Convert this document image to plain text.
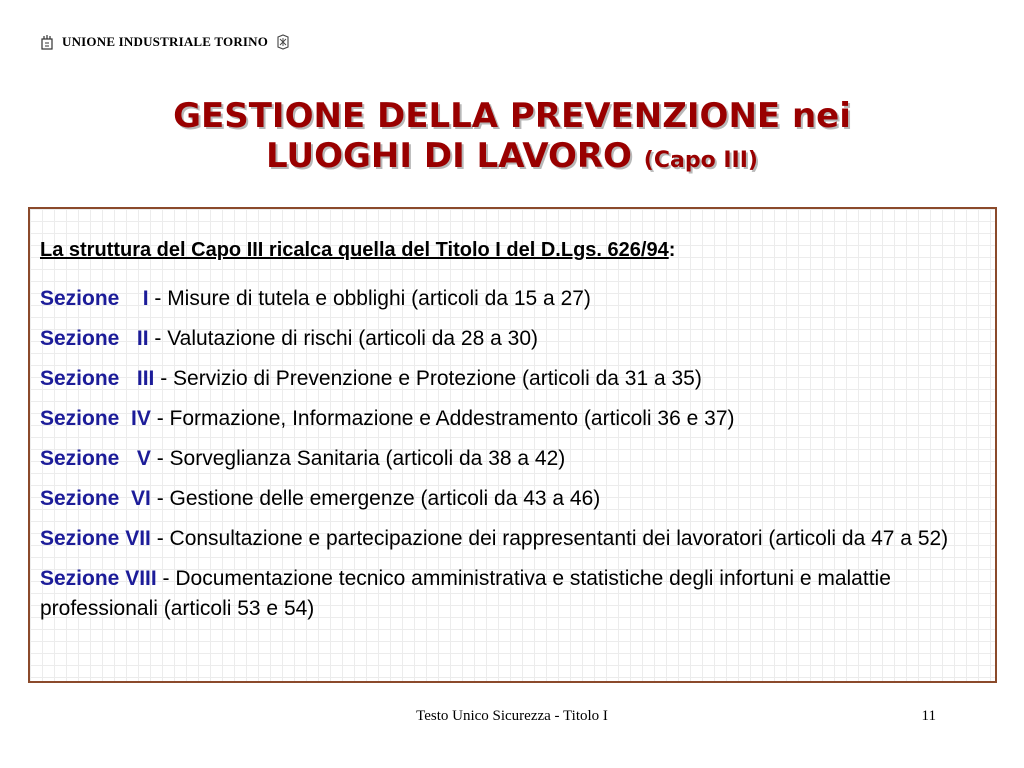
UNIONE INDUSTRIALE TORINO
GESTIONE DELLA PREVENZIONE nei
LUOGHI DI LAVORO (Capo III)
La struttura del Capo III ricalca quella del Titolo I del D.Lgs. 626/94:
Sezione    I - Misure di tutela e obblighi (articoli da 15 a 27)
Sezione   II - Valutazione di rischi (articoli da 28 a 30)
Sezione   III - Servizio di Prevenzione e Protezione (articoli da 31 a 35)
Sezione  IV - Formazione, Informazione e Addestramento (articoli 36 e 37)
Sezione   V - Sorveglianza Sanitaria (articoli da 38 a 42)
Sezione  VI - Gestione delle emergenze (articoli da 43 a 46)
Sezione VII - Consultazione e partecipazione dei rappresentanti dei lavoratori (articoli da 47 a 52)
Sezione VIII - Documentazione tecnico amministrativa e statistiche degli infortuni e malattie professionali (articoli 53 e 54)
Testo Unico Sicurezza - Titolo I	11
